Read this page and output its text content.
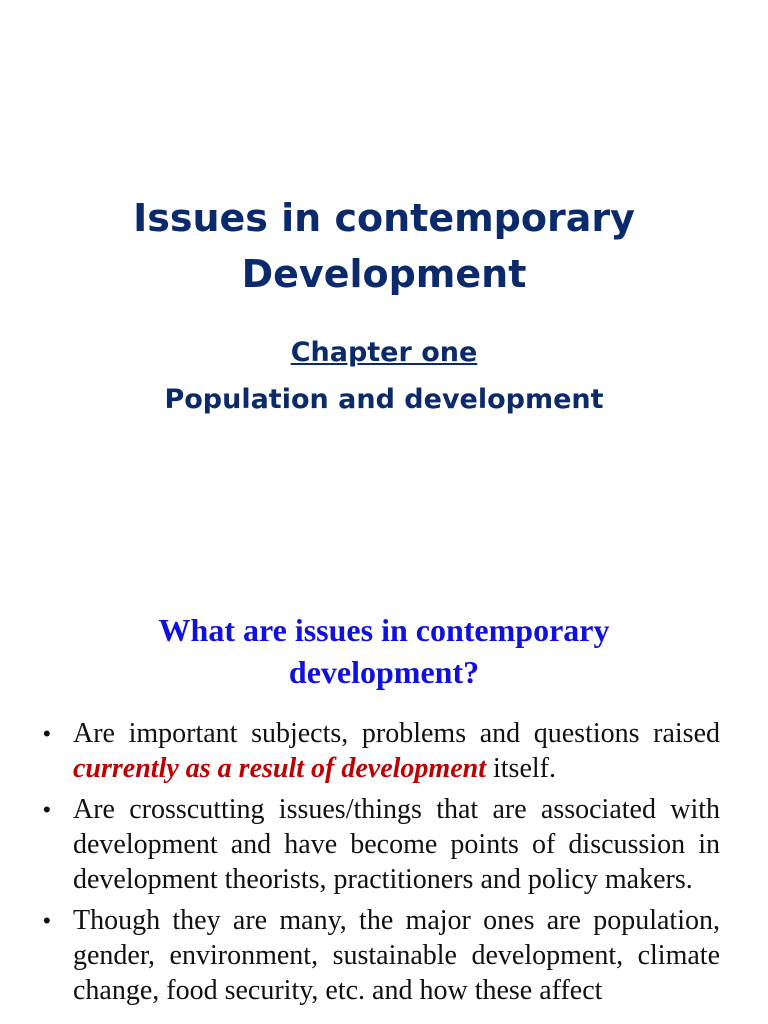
Issues in contemporary
Development
Chapter one
Population and development
What are issues in contemporary
development?
• Are important subjects, problems and questions raised currently as a result of development itself.
• Are crosscutting issues/things that are associated with development and have become points of discussion in development theorists, practitioners and policy makers.
• Though they are many, the major ones are population, gender, environment, sustainable development, climate change, food security, etc. and how these affect
